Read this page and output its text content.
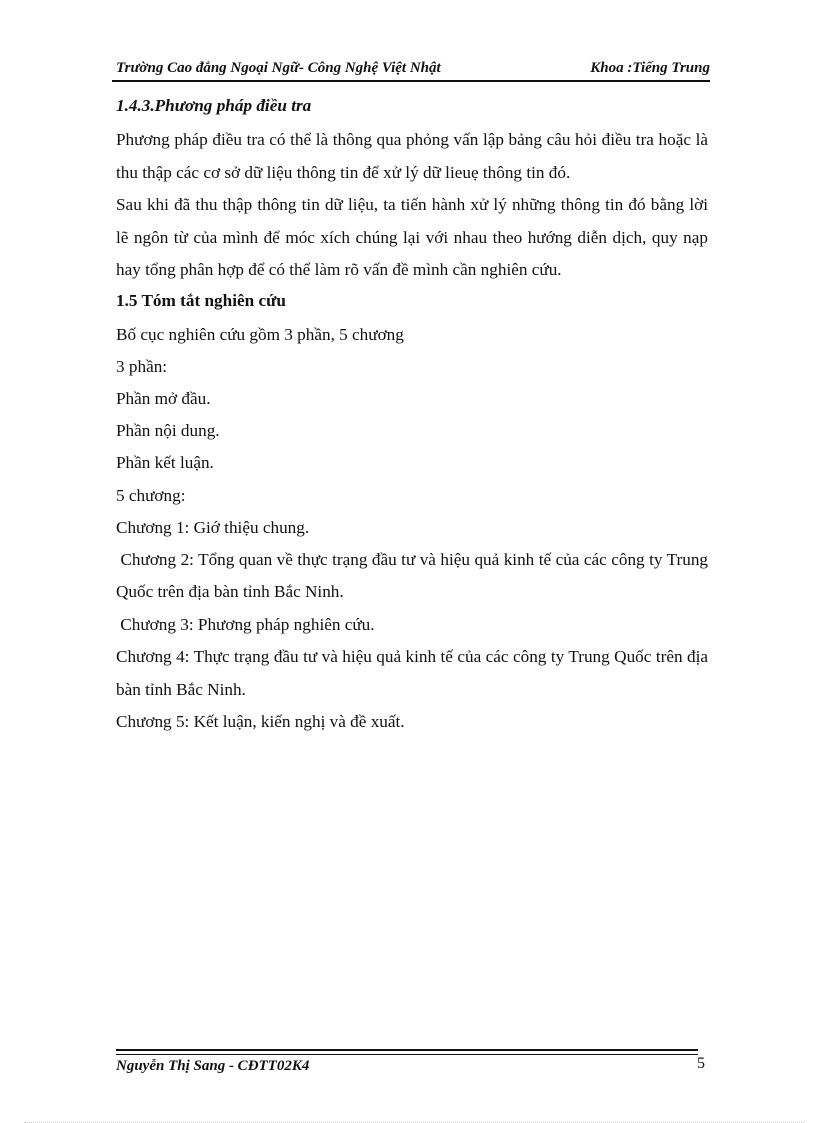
Trường Cao đẳng Ngoại Ngữ- Công Nghệ Việt Nhật	Khoa :Tiếng Trung
1.4.3.Phương pháp điều tra

Phương pháp điều tra có thể là thông qua phỏng vấn lập bảng câu hỏi điều tra hoặc là thu thập các cơ sở dữ liệu thông tin để xử lý dữ lieuẹ thông tin đó.

Sau khi đã thu thập thông tin dữ liệu, ta tiến hành xử lý những thông tin đó bằng lời lẽ ngôn từ của mình để móc xích chúng lại với nhau theo hướng diễn dịch, quy nạp hay tổng phân hợp để có thể làm rõ vấn đề mình cần nghiên cứu.

1.5 Tóm tắt nghiên cứu
Bố cục nghiên cứu gồm 3 phần, 5 chương
3 phần:
Phần mở đầu.
Phần nội dung.
Phần kết luận.
5 chương:
Chương 1: Giớ thiệu chung.

Chương 2: Tổng quan về thực trạng đầu tư và hiệu quả kinh tế của các công ty Trung Quốc trên địa bàn tỉnh Bắc Ninh.

Chương 3: Phương pháp nghiên cứu.

Chương 4: Thực trạng đầu tư và hiệu quả kinh tế của các công ty Trung Quốc trên địa bàn tỉnh Bắc Ninh.

Chương 5: Kết luận, kiến nghị và đề xuất.
Nguyễn Thị Sang - CĐTT02K4	5
